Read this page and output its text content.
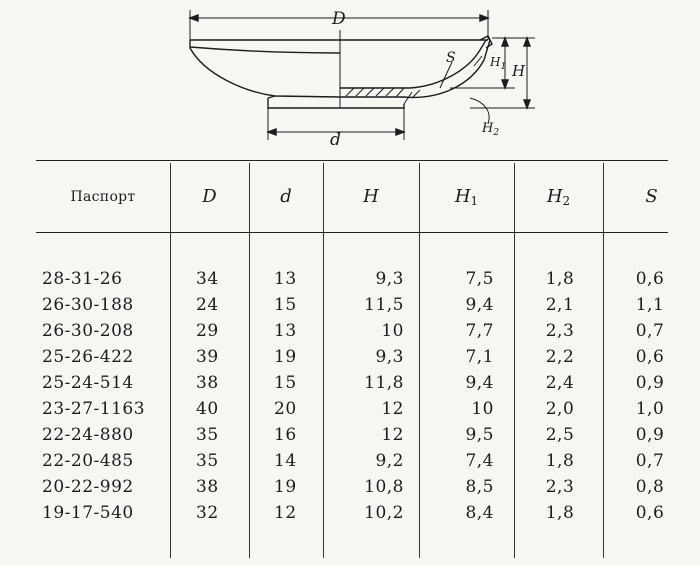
D
d
S
H
$H_1$
$H_2$
Паспорт	D	d	H	$H_1$	$H_2$	S
28-31-26	34	13	9,3	7,5	1,8	0,6
26-30-188	24	15	11,5	9,4	2,1	1,1
26-30-208	29	13	10	7,7	2,3	0,7
25-26-422	39	19	9,3	7,1	2,2	0,6
25-24-514	38	15	11,8	9,4	2,4	0,9
23-27-1163	40	20	12	10	2,0	1,0
22-24-880	35	16	12	9,5	2,5	0,9
22-20-485	35	14	9,2	7,4	1,8	0,7
20-22-992	38	19	10,8	8,5	2,3	0,8
19-17-540	32	12	10,2	8,4	1,8	0,6
